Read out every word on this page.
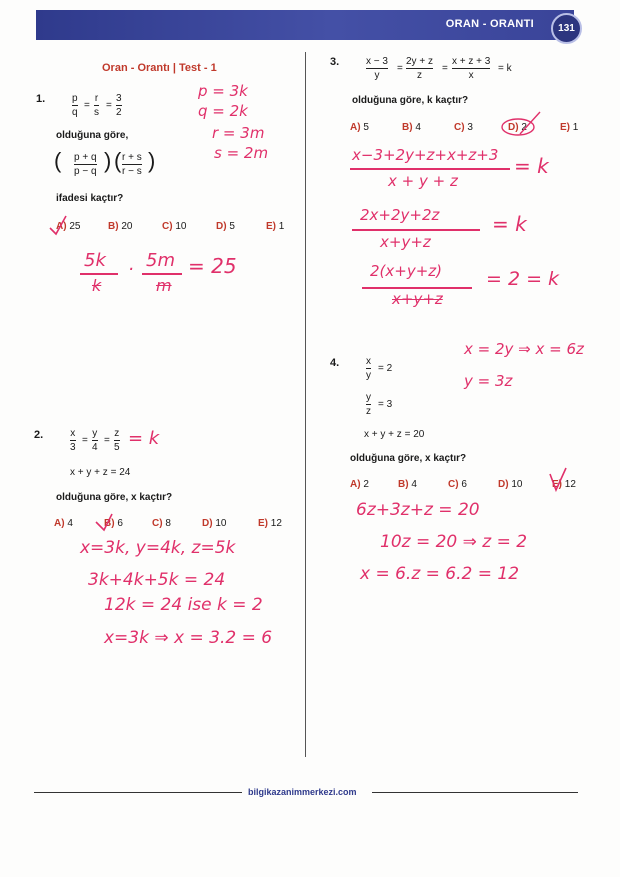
ORAN - ORANTI	131
Oran - Orantı | Test - 1
1.	p
q
=
r
s
=
3
2
olduğuna göre,
( p + q
p − q ) ( r + s
r − s )
ifadesi kaçtır?
A) 25	B) 20	C) 10	D) 5	E) 1
p = 3k
q = 2k
r = 3m
s = 2m
5k
k
· 5m
m
= 25
2.	x
3
=
y
4
=
z
5 = k
x + y + z = 24
olduğuna göre, x kaçtır?
A) 4	B) 6	C) 8	D) 10	E) 12
x=3k, y=4k, z=5k
3k+4k+5k = 24
12k = 24 ise k = 2
x=3k ⇒ x = 3.2 = 6
3.	x − 3
y
=
2y + z
z
=
x + z + 3
x
= k
olduğuna göre, k kaçtır?
A) 5	B) 4	C) 3	D) 2	E) 1
x−3+2y+z+x+z+3
x + y + z
= k
2x+2y+2z
x+y+z
= k
2(x+y+z)
x+y+z
= 2 = k
4.	x
y
= 2
y
z
= 3
x + y + z = 20
olduğuna göre, x kaçtır?
A) 2	B) 4	C) 6	D) 10	E) 12
x = 2y ⇒ x = 6z
y = 3z
6z+3z+z = 20
10z = 20 ⇒ z = 2
x = 6.z = 6.2 = 12
bilgikazanimmerkezi.com
